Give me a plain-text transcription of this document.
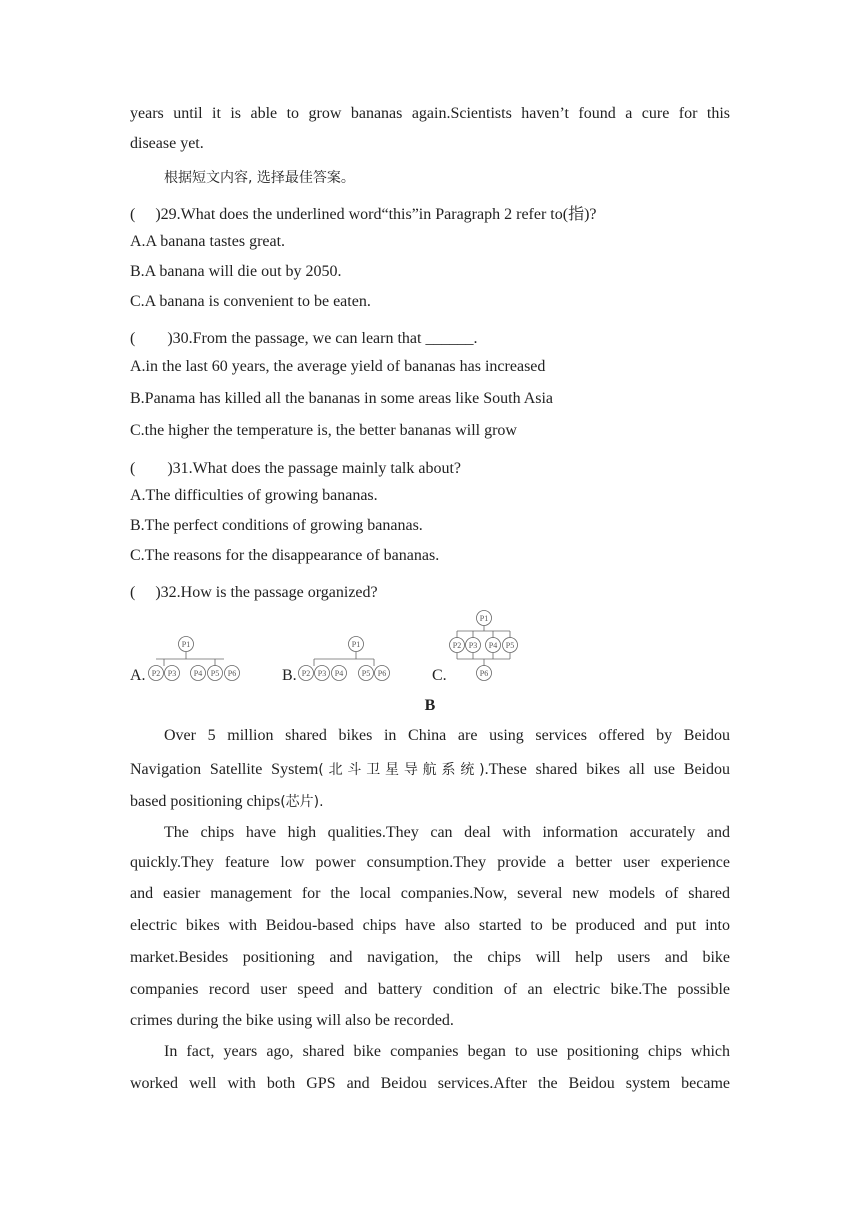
years until it is able to grow bananas again.Scientists haven’t found a cure for this
disease yet.
根据短文内容, 选择最佳答案。
(　 )29.What does the underlined word“this”in Paragraph 2 refer to(指)?
A.A banana tastes great.
B.A banana will die out by 2050.
C.A banana is convenient to be eaten.
(　　)30.From the passage, we can learn that ______.
A.in the last 60 years, the average yield of bananas has increased
B.Panama has killed all the bananas in some areas like South Asia
C.the higher the temperature is, the better bananas will grow
(　　)31.What does the passage mainly talk about?
A.The difficulties of growing bananas.
B.The perfect conditions of growing bananas.
C.The reasons for the disappearance of bananas.
(　 )32.How is the passage organized?
A.	B.	C.
P1
P2 P3 P4 P5 P6
P1
P2 P3 P4 P5 P6
P1
P2 P3 P4 P5
P6
B
Over 5 million shared bikes in China are using services offered by Beidou
Navigation Satellite System(北斗卫星导航系统).These shared bikes all use Beidou
based positioning chips(芯片).
The chips have high qualities.They can deal with information accurately and
quickly.They feature low power consumption.They provide a better user experience
and easier management for the local companies.Now, several new models of shared
electric bikes with Beidou-based chips have also started to be produced and put into
market.Besides positioning and navigation, the chips will help users and bike
companies record user speed and battery condition of an electric bike.The possible
crimes during the bike using will also be recorded.
In fact, years ago, shared bike companies began to use positioning chips which
worked well with both GPS and Beidou services.After the Beidou system became
